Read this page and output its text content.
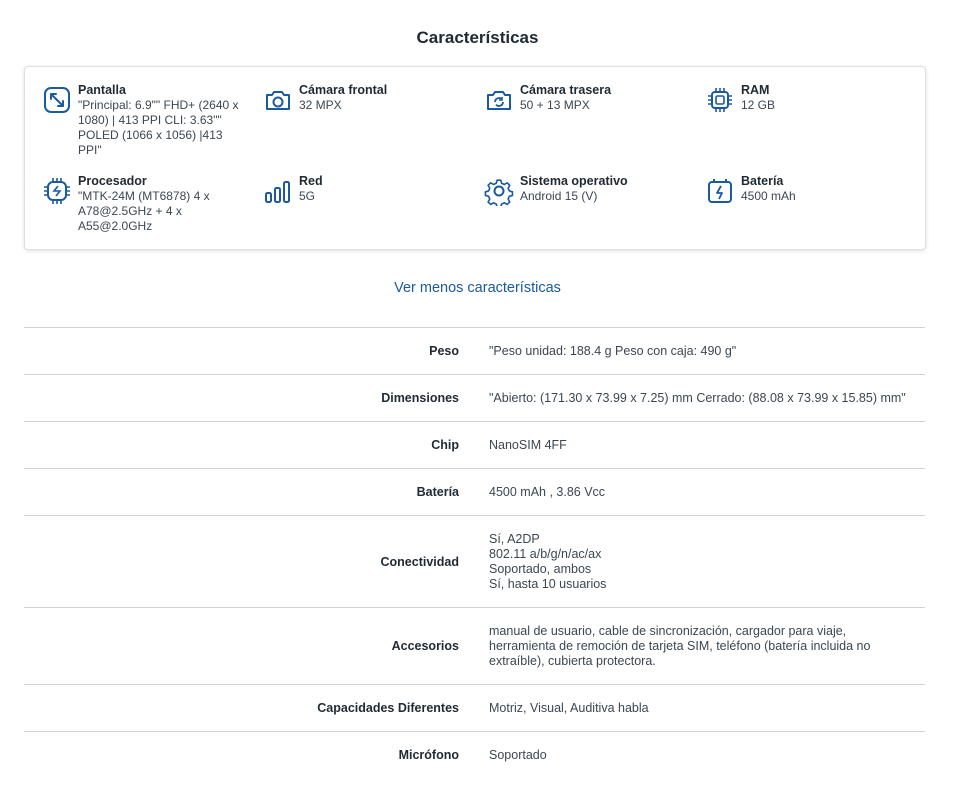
Características
Pantalla
"Principal: 6.9"" FHD+ (2640 x 1080) | 413 PPI CLI: 3.63"" POLED (1066 x 1056) |413 PPI"
Cámara frontal
32 MPX
Cámara trasera
50 + 13 MPX
RAM
12 GB
Procesador
"MTK-24M (MT6878) 4 x A78@2.5GHz + 4 x A55@2.0GHz
Red
5G
Sistema operativo
Android 15 (V)
Batería
4500 mAh
Ver menos características
Peso	"Peso unidad: 188.4 g Peso con caja: 490 g"

Dimensiones	"Abierto: (171.30 x 73.99 x 7.25) mm Cerrado: (88.08 x 73.99 x 15.85) mm"

Chip	NanoSIM 4FF

Batería	4500 mAh , 3.86 Vcc

Conectividad	Sí, A2DP
802.11 a/b/g/n/ac/ax
Soportado, ambos
Sí, hasta 10 usuarios

Accesorios	manual de usuario, cable de sincronización, cargador para viaje,
herramienta de remoción de tarjeta SIM, teléfono (batería incluida no
extraíble), cubierta protectora.

Capacidades Diferentes	Motriz, Visual, Auditiva habla

Micrófono	Soportado
